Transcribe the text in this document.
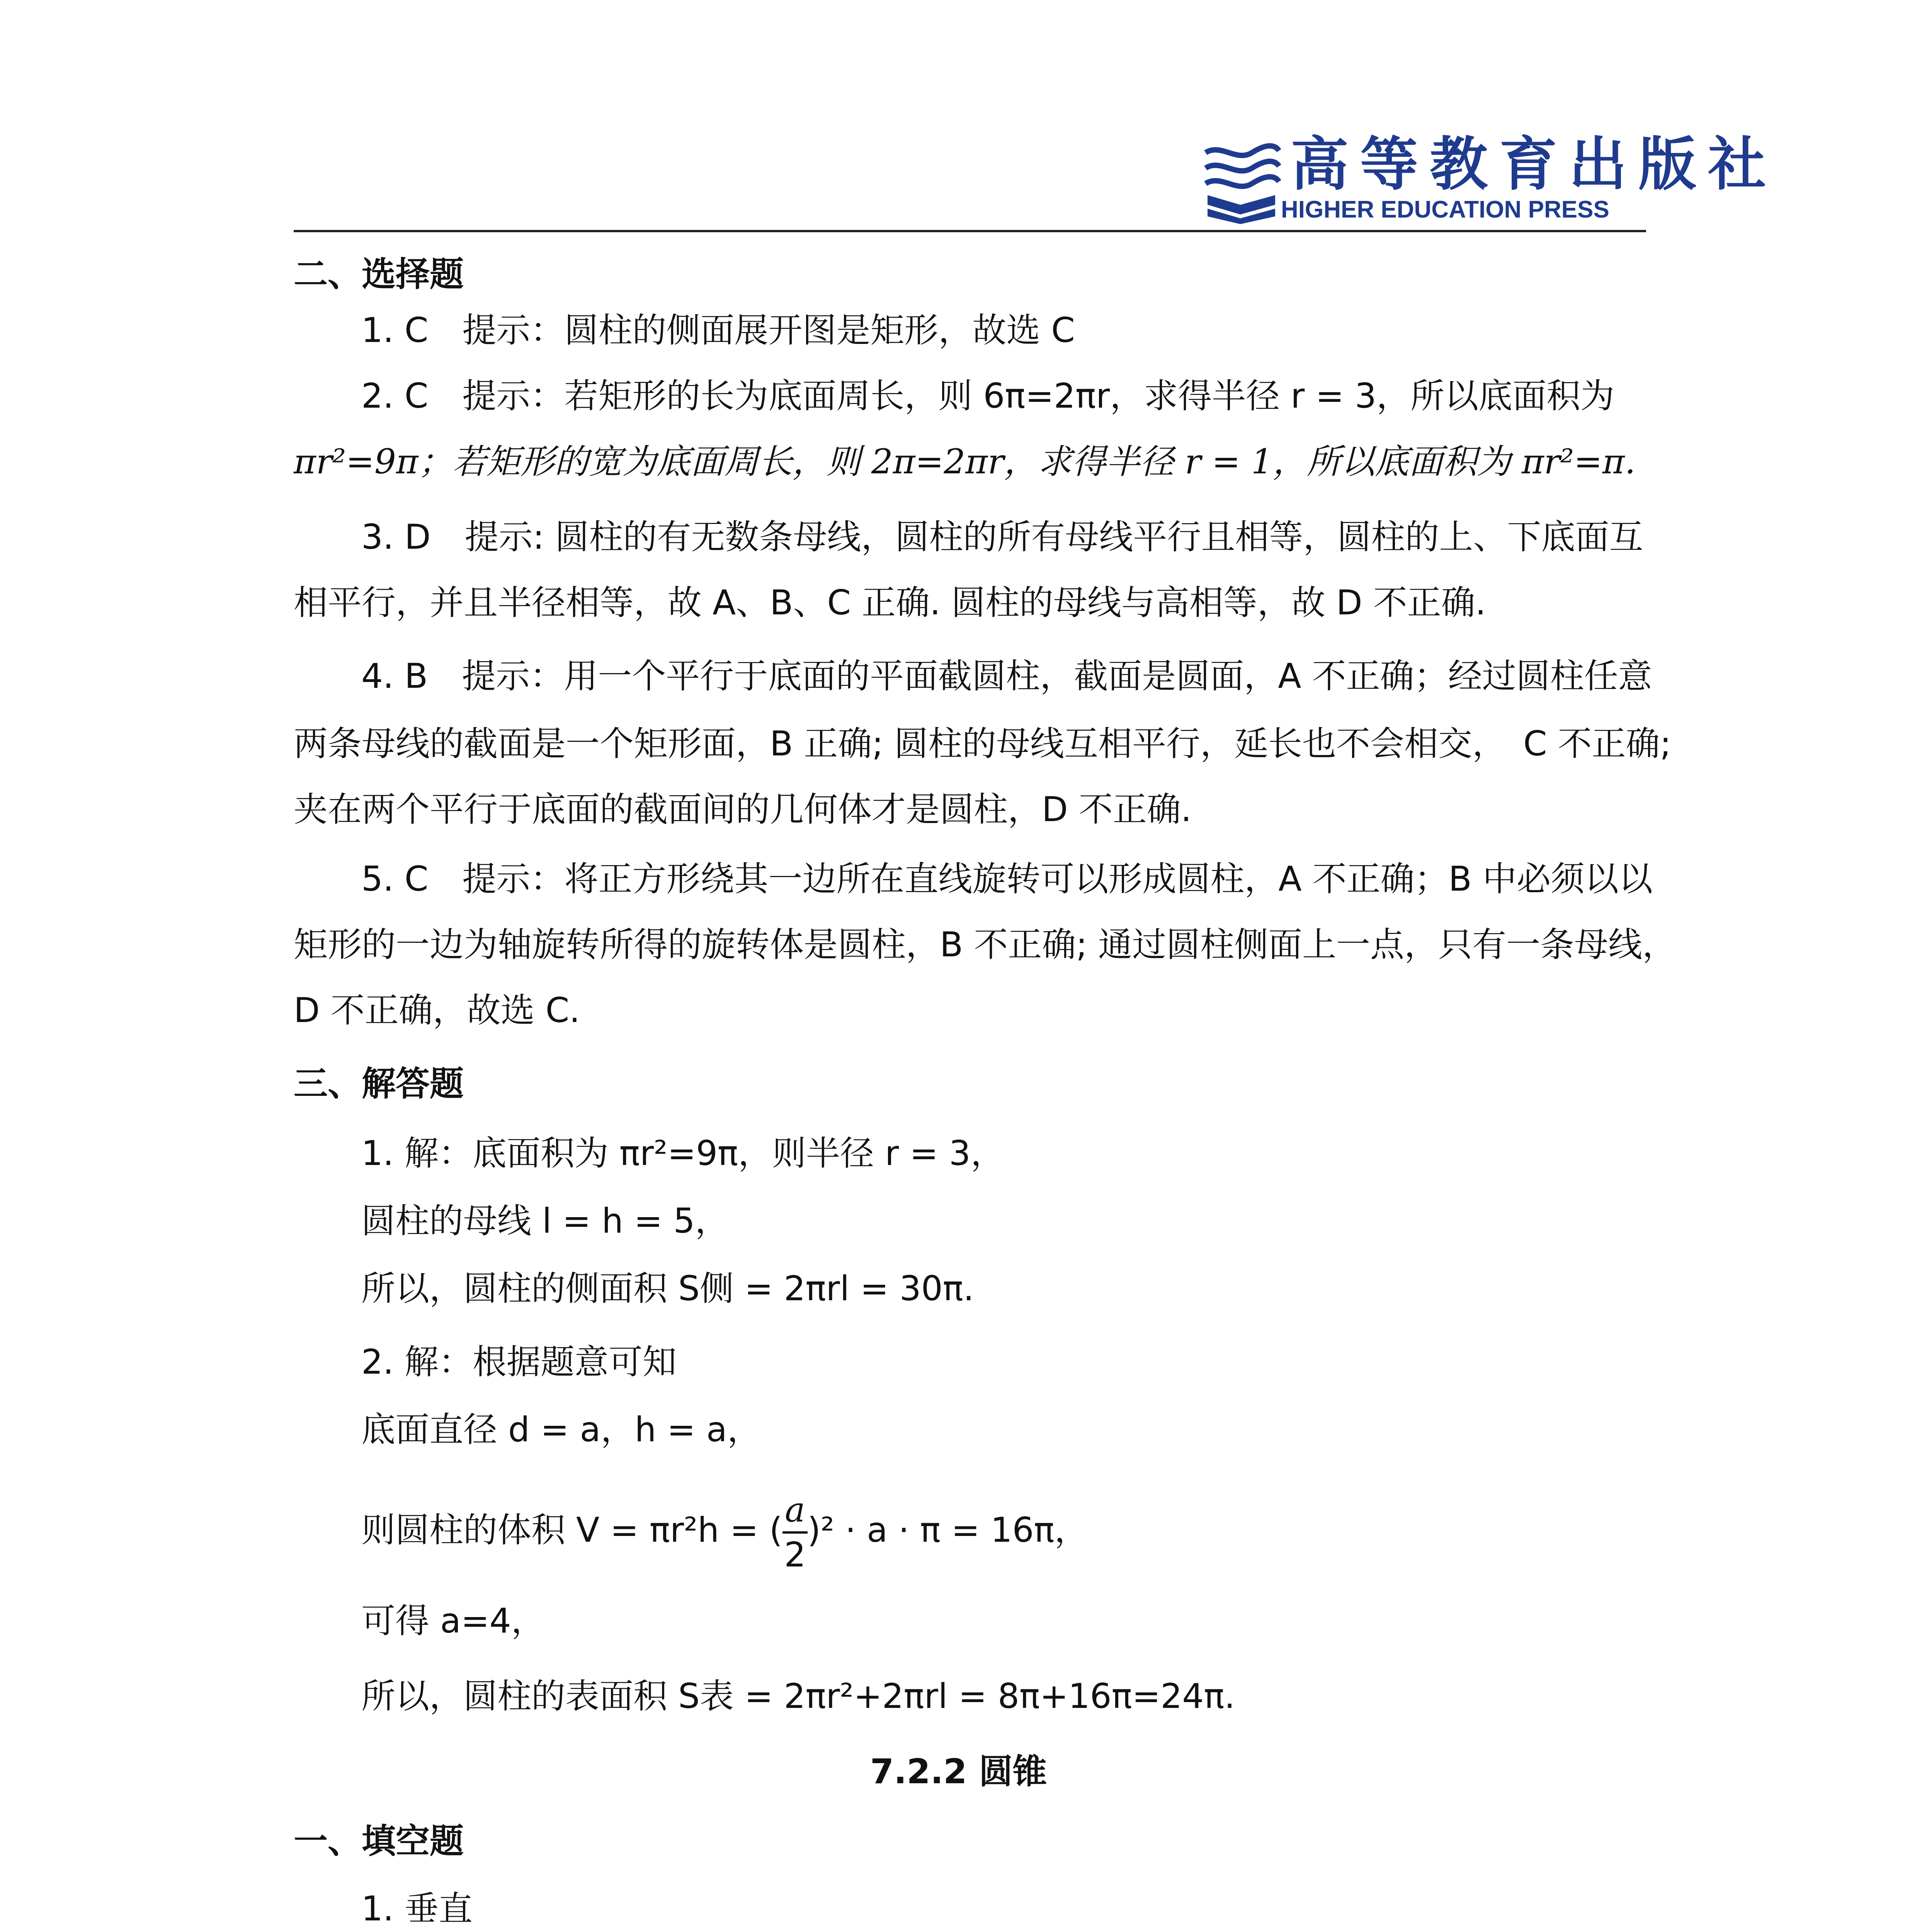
高等教育出版社
HIGHER EDUCATION PRESS
二、选择题
1. C　提示：圆柱的侧面展开图是矩形，故选 C
2. C　提示：若矩形的长为底面周长，则 6π=2πr，求得半径 r = 3，所以底面积为
πr²=9π；若矩形的宽为底面周长，则 2π=2πr，求得半径 r = 1，所以底面积为 πr²=π.
3. D　提示: 圆柱的有无数条母线，圆柱的所有母线平行且相等，圆柱的上、下底面互
相平行，并且半径相等，故 A、B、C 正确. 圆柱的母线与高相等，故 D 不正确.
4. B　提示：用一个平行于底面的平面截圆柱，截面是圆面，A 不正确；经过圆柱任意
两条母线的截面是一个矩形面，B 正确; 圆柱的母线互相平行，延长也不会相交，　C 不正确;
夹在两个平行于底面的截面间的几何体才是圆柱，D 不正确.
5. C　提示：将正方形绕其一边所在直线旋转可以形成圆柱，A 不正确；B 中必须以以
矩形的一边为轴旋转所得的旋转体是圆柱，B 不正确; 通过圆柱侧面上一点，只有一条母线，
D 不正确，故选 C.
三、解答题
1. 解：底面积为 πr²=9π，则半径 r = 3，
圆柱的母线 l = h = 5，
所以，圆柱的侧面积 S侧 = 2πrl = 30π.
2. 解：根据题意可知
底面直径 d = a，h = a，
则圆柱的体积 V = πr²h = ( $\frac{a}{2} )^2 \cdot a \cdot \pi = 16\pi$，
可得 a=4，
所以，圆柱的表面积 S表 = 2πr²+2πrl = 8π+16π=24π.
7.2.2 圆锥
一、填空题
1. 垂直
